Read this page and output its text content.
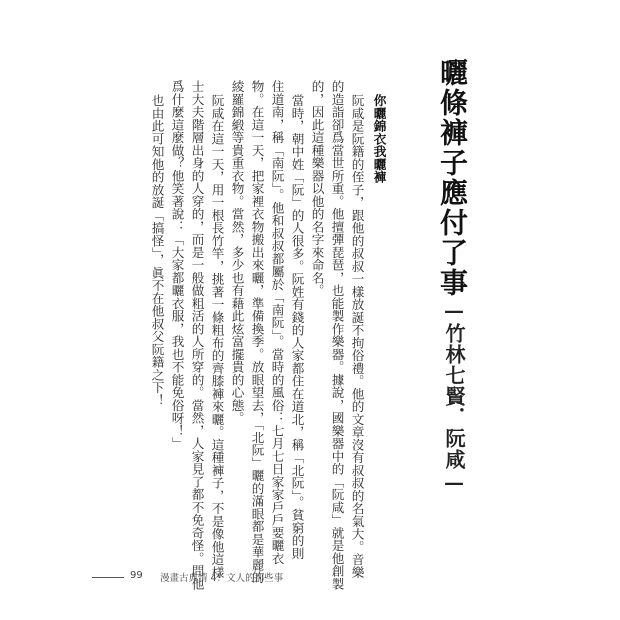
曬條褲子應付了事
—竹林七賢．阮咸—
你曬錦衣我曬褲
阮咸是阮籍的侄子，跟他的叔叔一樣放誕不拘俗禮。他的文章沒有叔叔的名氣大。音樂
的造詣卻爲當世所重。他擅彈琵琶，也能製作樂器。據說，國樂器中的「阮咸」就是他創製
的，因此這種樂器以他的名字來命名。
當時，朝中姓「阮」的人很多。阮姓有錢的人家都住在道北，稱「北阮」。貧窮的則
住道南，稱「南阮」。他和叔叔都屬於「南阮」。當時的風俗：七月七日家家戶戶要曬衣
物。在這一天，把家裡衣物搬出來曬，準備換季。放眼望去，「北阮」曬的滿眼都是華麗的
綾羅錦緞等貴重衣物。當然，多少也有藉此炫富擺貴的心態。
阮咸在這一天，用一根長竹竿，挑著一條粗布的齊膝褲來曬。這種褲子，不是像他這樣
士大夫階層出身的人穿的，而是一般做粗活的人所穿的。當然，人家見了都不免奇怪。問他
爲什麼這麼做？他笑著說：「大家都曬衣服，我也不能免俗呀！」
也由此可知他的放誕「搞怪」，眞不在他叔父阮籍之下！
99 漫畫古典情 4：文人的那些事
